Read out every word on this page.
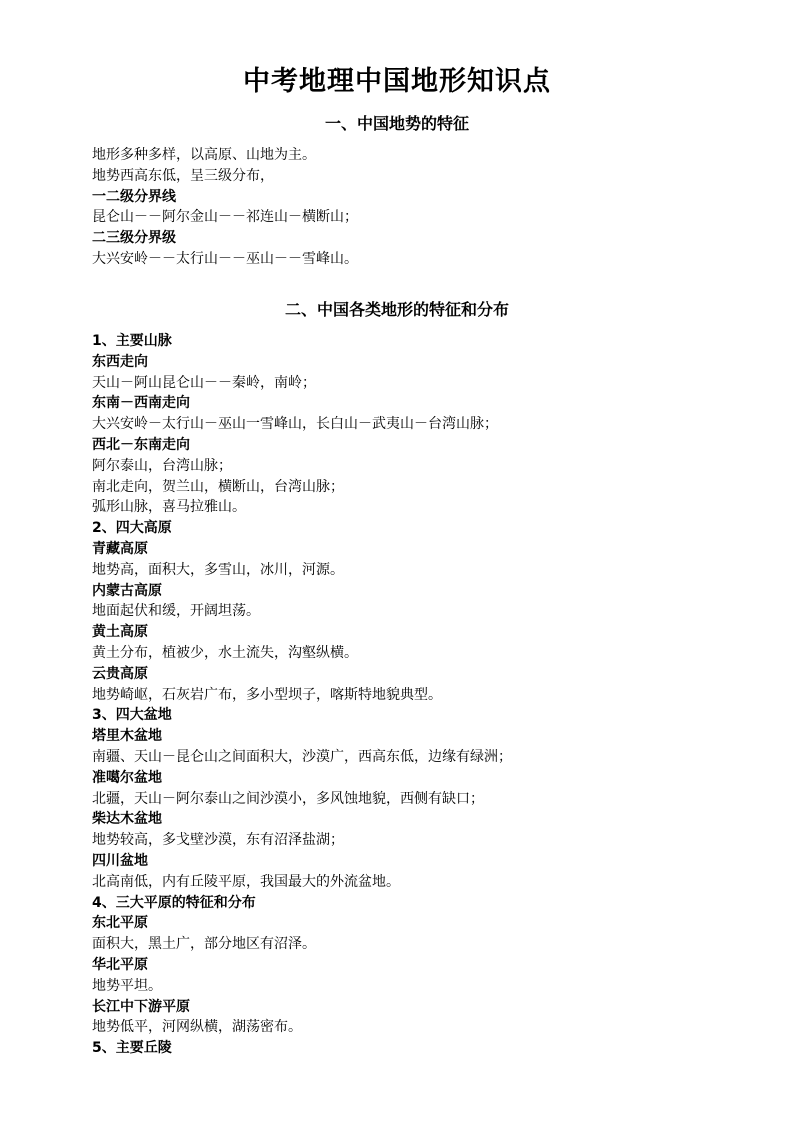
中考地理中国地形知识点
一、中国地势的特征
地形多种多样，以高原、山地为主。
地势西高东低，呈三级分布，
一二级分界线
昆仑山－－阿尔金山－－祁连山－横断山；
二三级分界级
大兴安岭－－太行山－－巫山－－雪峰山。
二、中国各类地形的特征和分布
1、主要山脉
东西走向
天山－阿山昆仑山－－秦岭，南岭；
东南－西南走向
大兴安岭－太行山－巫山一雪峰山，长白山－武夷山－台湾山脉；
西北－东南走向
阿尔泰山，台湾山脉；
南北走向，贺兰山，横断山，台湾山脉；
弧形山脉，喜马拉雅山。
2、四大高原
青藏高原
地势高，面积大，多雪山，冰川，河源。
内蒙古高原
地面起伏和缓，开阔坦荡。
黄土高原
黄土分布，植被少，水土流失，沟壑纵横。
云贵高原
地势崎岖，石灰岩广布，多小型坝子，喀斯特地貌典型。
3、四大盆地
塔里木盆地
南疆、天山－昆仑山之间面积大，沙漠广，西高东低，边缘有绿洲；
准噶尔盆地
北疆，天山－阿尔泰山之间沙漠小，多风蚀地貌，西侧有缺口；
柴达木盆地
地势较高，多戈壁沙漠，东有沼泽盐湖；
四川盆地
北高南低，内有丘陵平原，我国最大的外流盆地。
4、三大平原的特征和分布
东北平原
面积大，黑土广，部分地区有沼泽。
华北平原
地势平坦。
长江中下游平原
地势低平，河网纵横，湖荡密布。
5、主要丘陵
